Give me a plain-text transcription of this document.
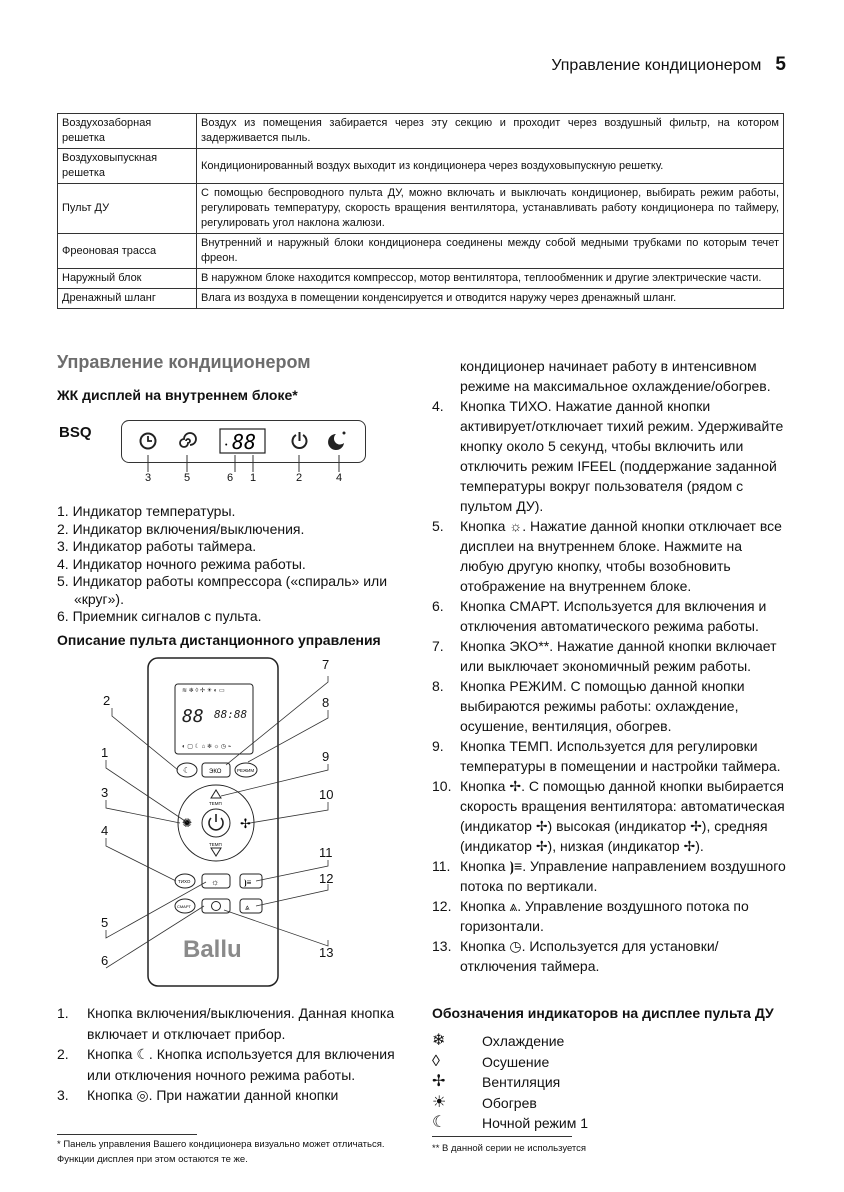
Управление кондиционером 5
Воздухозаборная решетка	Воздух из помещения забирается через эту секцию и проходит через воздушный фильтр, на котором задерживается пыль.
Воздуховыпускная решетка	Кондиционированный воздух выходит из кондиционера через воздуховыпускную решетку.
Пульт ДУ	С помощью беспроводного пульта ДУ, можно включать и выключать кондиционер, выбирать режим работы, регулировать температуру, скорость вращения вентилятора, устанавливать работу кондиционера по таймеру, регулировать угол наклона жалюзи.
Фреоновая трасса	Внутренний и наружный блоки кондиционера соединены между собой медными трубками по которым течет фреон.
Наружный блок	В наружном блоке находится компрессор, мотор вентилятора, теплообменник и другие электрические части.
Дренажный шланг	Влага из воздуха в помещении конденсируется и отводится наружу через дренажный шланг.
Управление кондиционером
ЖК дисплей на внутреннем блоке*
BSQ
• 88
3	5	6 1	2	4
1. Индикатор температуры.
2. Индикатор включения/выключения.
3. Индикатор работы таймера.
4. Индикатор ночного режима работы.
5. Индикатор работы компрессора («спираль» или «круг»).
6. Приемник сигналов с пульта.
Описание пульта дистанционного управления
≋ ❄ ◊ ✢ ☀ ◐ ▭
88 88:88
◐ ▢ ☾ ⌂ ❄ ☼ ◷ ⌁
☾	ЭКО	РЕЖИМ
ТЕМП
ТЕМП
✺	✢
ТИХО ☼	⦘≡
СМАРТ	⩓
Ballu
2
1
3
4
5
6
7
8
9
10
11
12
13
1. Кнопка включения/выключения. Данная кнопка включает и отключает прибор.
2. Кнопка ☾. Кнопка используется для включения или отключения ночного режима работы.
3. Кнопка ◎. При нажатии данной кнопки
кондиционер начинает работу в интенсивном режиме на максимальное охлаждение/обогрев.
4. Кнопка ТИХО. Нажатие данной кнопки активирует/отключает тихий режим. Удерживайте кнопку около 5 секунд, чтобы включить или отключить режим IFEEL (поддержание заданной температуры вокруг пользователя (рядом с пультом ДУ).
5. Кнопка ☼. Нажатие данной кнопки отключает все дисплеи на внутреннем блоке. Нажмите на любую другую кнопку, чтобы возобновить отображение на внутреннем блоке.
6. Кнопка СМАРТ. Используется для включения и отключения автоматического режима работы.
7. Кнопка ЭКО**. Нажатие данной кнопки включает или выключает экономичный режим работы.
8. Кнопка РЕЖИМ. С помощью данной кнопки выбираются режимы работы: охлаждение, осушение, вентиляция, обогрев.
9. Кнопка ТЕМП. Используется для регулировки температуры в помещении и настройки таймера.
10. Кнопка ✢. С помощью данной кнопки выбирается скорость вращения вентилятора: автоматическая (индикатор ✢) высокая (индикатор ✢), средняя (индикатор ✢), низкая (индикатор ✢).
11. Кнопка ⦘≡. Управление направлением воздушного потока по вертикали.
12. Кнопка ⩓. Управление воздушного потока по горизонтали.
13. Кнопка ◷. Используется для установки/отключения таймера.
Обозначения индикаторов на дисплее пульта ДУ
❄	Охлаждение
◊	Осушение
✢	Вентиляция
☀	Обогрев
☾	Ночной режим 1
* Панель управления Вашего кондиционера визуально может отличаться. Функции дисплея при этом остаются те же.
** В данной серии не используется
